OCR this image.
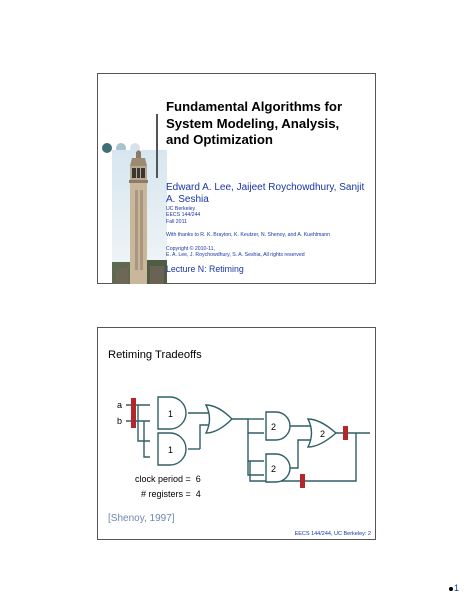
Fundamental Algorithms for
System Modeling, Analysis,
and Optimization
Edward A. Lee, Jaijeet Roychowdhury, Sanjit A. Seshia
UC Berkeley
EECS 144/244
Fall 2011
With thanks to R. K. Brayton, K. Keutzer, N. Shenoy, and A. Kuehlmann
Copyright © 2010-11,
E. A. Lee, J. Roychowdhury, S. A. Seshia, All rights reserved
Lecture N: Retiming
Retiming Tradeoffs
a
b
1
1
2
2
2
clock period = 6
# registers = 4
[Shenoy, 1997]
EECS 144/244, UC Berkeley: 2
1
